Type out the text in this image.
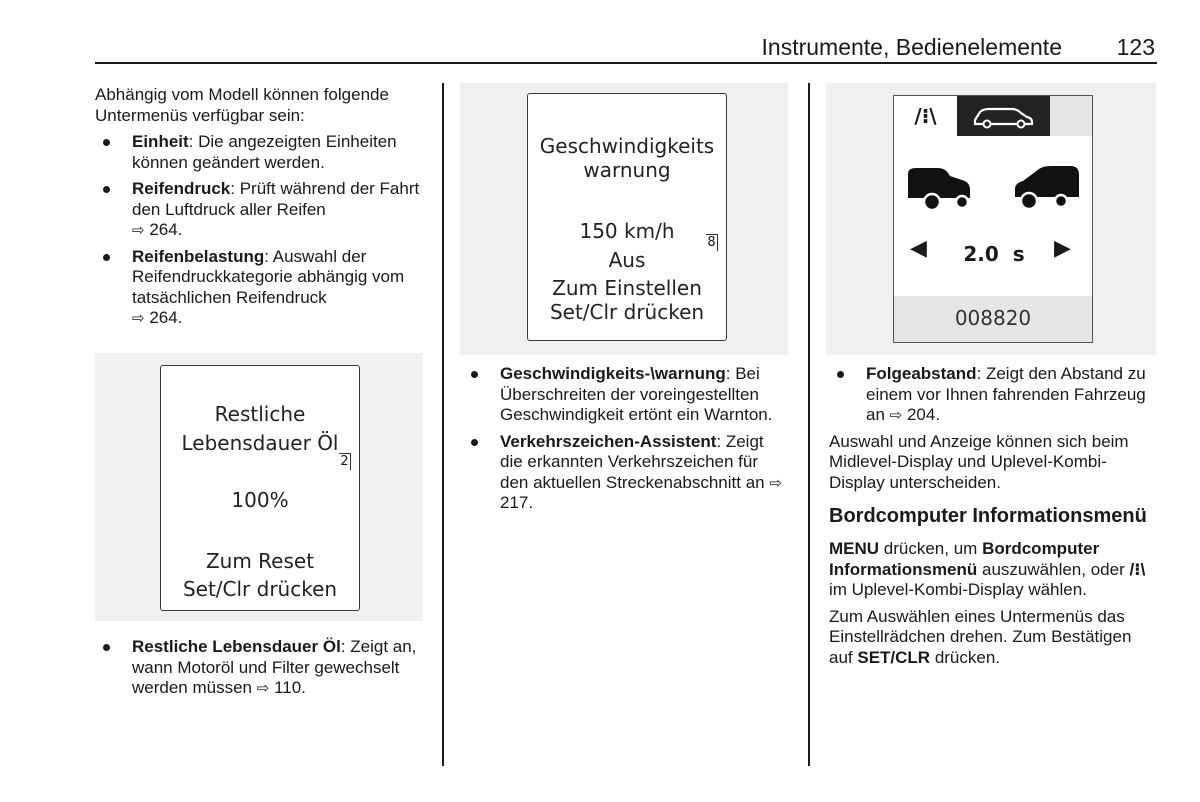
Instrumente, Bedienelemente	123

Abhängig vom Modell können folgende Untermenüs verfügbar sein:

Einheit: Die angezeigten Einheiten können geändert werden.
Reifendruck: Prüft während der Fahrt den Luftdruck aller Reifen
⇨ 264.
Reifenbelastung: Auswahl der Reifendruckkategorie abhängig vom tatsächlichen Reifendruck
⇨ 264.
Restliche
Lebensdauer Öl
100%
Zum Reset
Set/Clr drücken
2
Restliche Lebensdauer Öl: Zeigt an, wann Motoröl und Filter gewechselt werden müssen ⇨ 110.
Geschwindigkeits
warnung
150 km/h
Aus
Zum Einstellen
Set/Clr drücken
8
Geschwindigkeits-\warnung: Bei Überschreiten der voreingestellten Geschwindigkeit ertönt ein Warnton.
Verkehrszeichen-Assistent: Zeigt die erkannten Verkehrszeichen für den aktuellen Streckenabschnitt an ⇨ 217.
/⁝\
◀	2.0  s	▶
008820
Folgeabstand: Zeigt den Abstand zu einem vor Ihnen fahrenden Fahrzeug an ⇨ 204.

Auswahl und Anzeige können sich beim Midlevel-Display und Uplevel-Kombi-Display unterscheiden.

Bordcomputer Informationsmenü

MENU drücken, um Bordcomputer Informationsmenü auszuwählen, oder /⁝\ im Uplevel-Kombi-Display wählen.

Zum Auswählen eines Untermenüs das Einstellrädchen drehen. Zum Bestätigen auf SET/CLR drücken.
